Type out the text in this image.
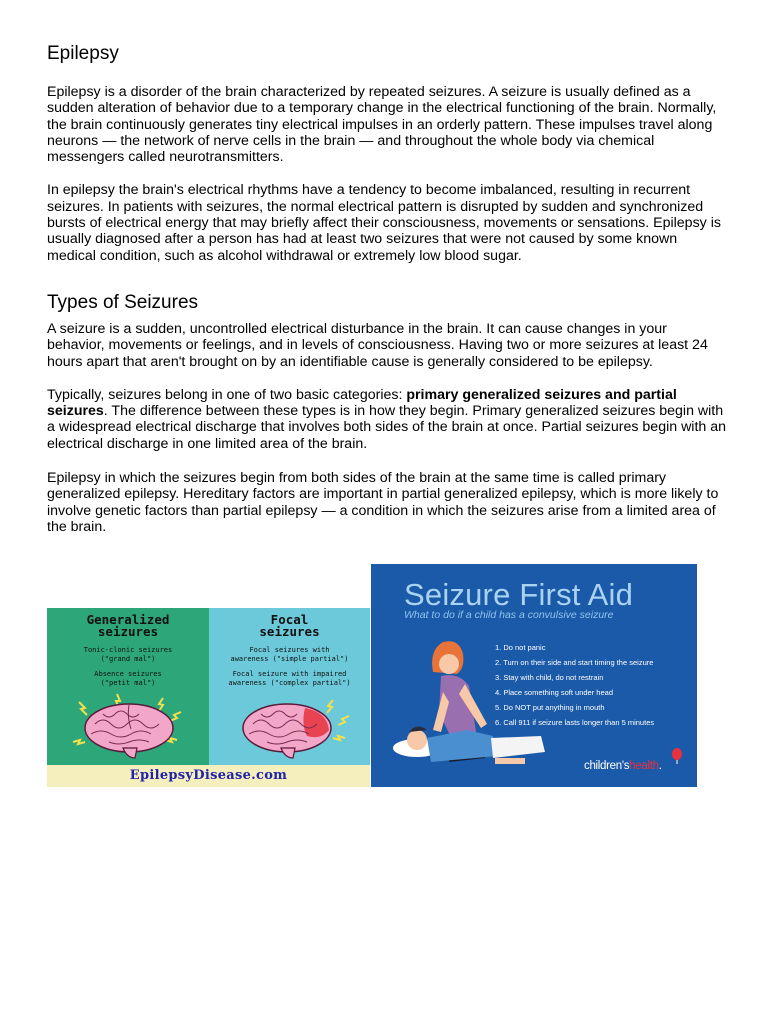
Epilepsy

Epilepsy is a disorder of the brain characterized by repeated seizures. A seizure is usually defined as a sudden alteration of behavior due to a temporary change in the electrical functioning of the brain. Normally, the brain continuously generates tiny electrical impulses in an orderly pattern. These impulses travel along neurons — the network of nerve cells in the brain — and throughout the whole body via chemical messengers called neurotransmitters.

In epilepsy the brain's electrical rhythms have a tendency to become imbalanced, resulting in recurrent seizures. In patients with seizures, the normal electrical pattern is disrupted by sudden and synchronized bursts of electrical energy that may briefly affect their consciousness, movements or sensations. Epilepsy is usually diagnosed after a person has had at least two seizures that were not caused by some known medical condition, such as alcohol withdrawal or extremely low blood sugar.

Types of Seizures

A seizure is a sudden, uncontrolled electrical disturbance in the brain. It can cause changes in your behavior, movements or feelings, and in levels of consciousness. Having two or more seizures at least 24 hours apart that aren't brought on by an identifiable cause is generally considered to be epilepsy.

Typically, seizures belong in one of two basic categories: primary generalized seizures and partial seizures. The difference between these types is in how they begin. Primary generalized seizures begin with a widespread electrical discharge that involves both sides of the brain at once. Partial seizures begin with an electrical discharge in one limited area of the brain.

Epilepsy in which the seizures begin from both sides of the brain at the same time is called primary generalized epilepsy. Hereditary factors are important in partial generalized epilepsy, which is more likely to involve genetic factors than partial epilepsy — a condition in which the seizures arise from a limited area of the brain.

Generalized
seizures
Tonic-clonic seizures
("grand mal")
Absence seizures
("petit mal")
Focal
seizures
Focal seizures with
awareness ("simple partial")
Focal seizure with impaired
awareness ("complex partial")
EpilepsyDisease.com
Seizure First Aid
What to do if a child has a convulsive seizure
1. Do not panic
2. Turn on their side and start timing the seizure
3. Stay with child, do not restrain
4. Place something soft under head
5. Do NOT put anything in mouth
6. Call 911 if seizure lasts longer than 5 minutes
children'shealth.
